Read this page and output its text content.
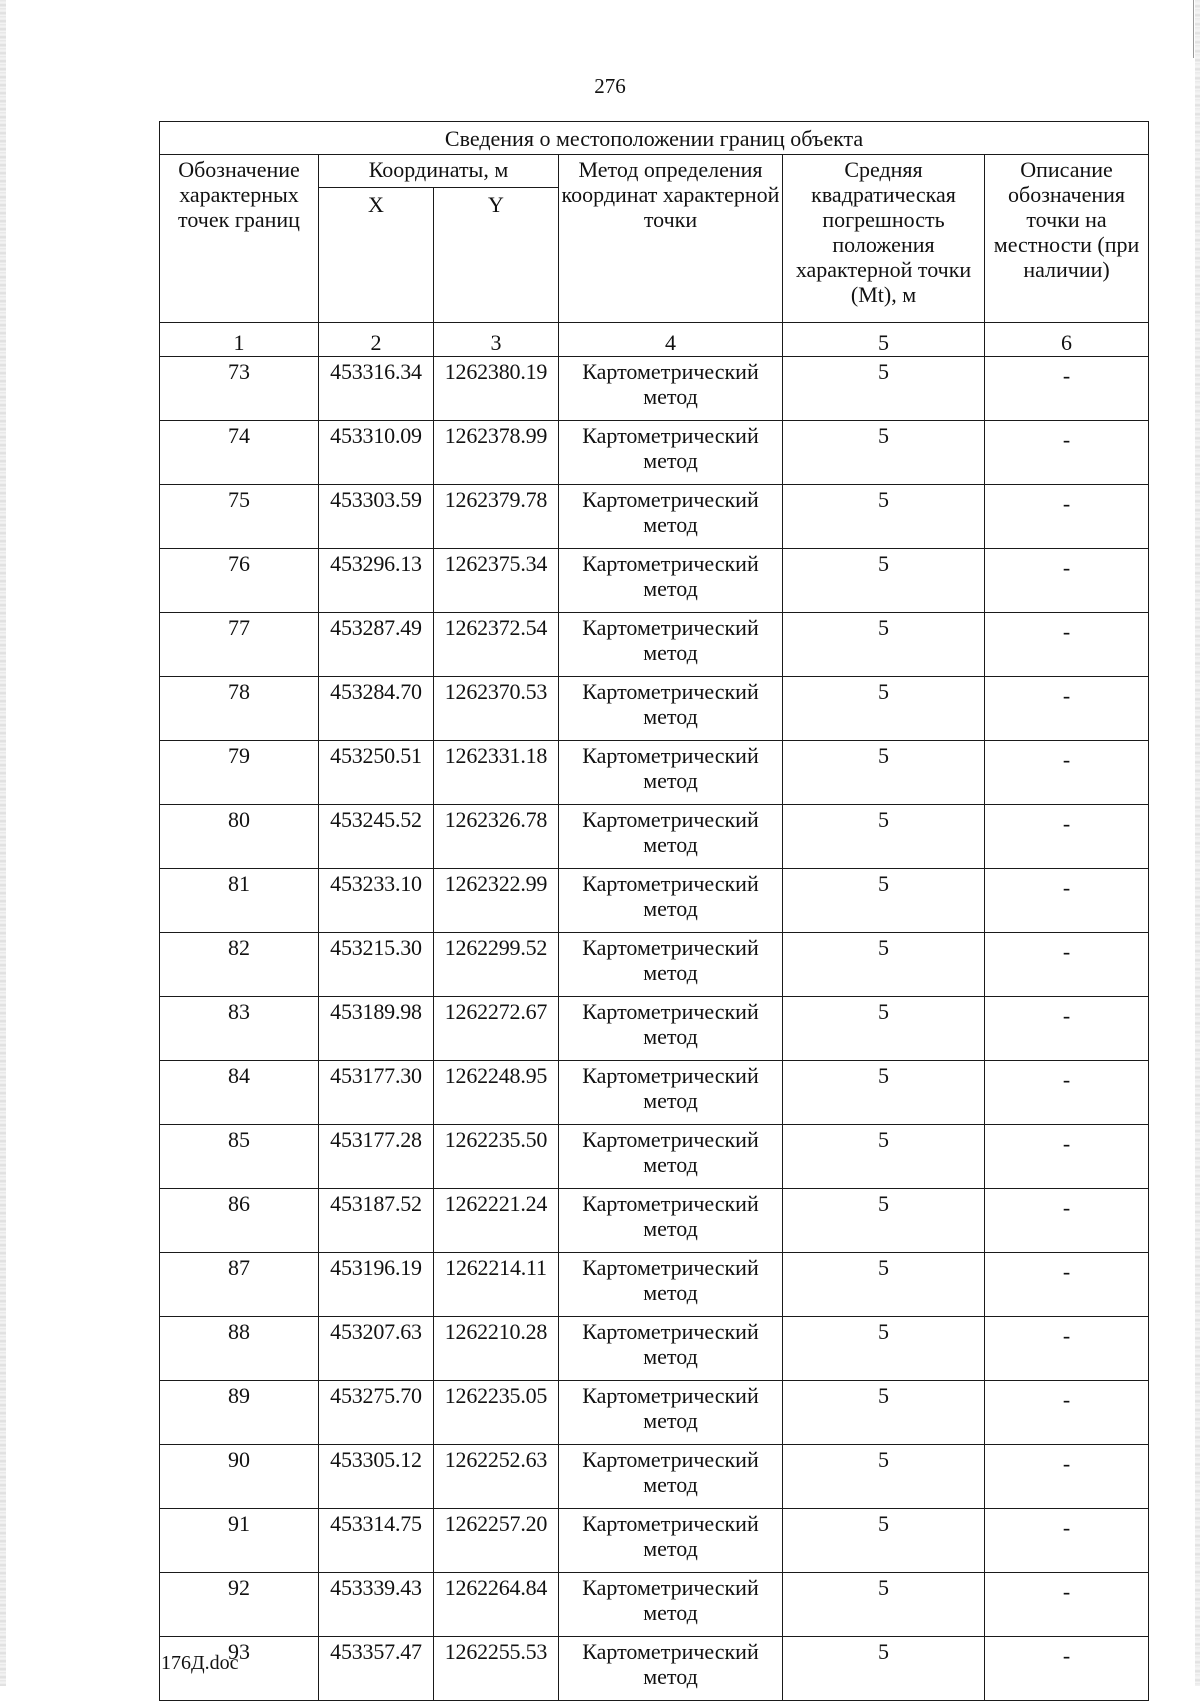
276
Сведения о местоположении границ объекта					
Обозначение характерных точек границ	Координаты, м		Метод определения координат характерной точки	Средняя квадратическая погрешность положения характерной точки (Mt), м	Описание обозначения точки на местности (при наличии)
	X	Y			
1	2	3	4	5	6
73	453316.34	1262380.19	Картометрический метод	5	-
74	453310.09	1262378.99	Картометрический метод	5	-
75	453303.59	1262379.78	Картометрический метод	5	-
76	453296.13	1262375.34	Картометрический метод	5	-
77	453287.49	1262372.54	Картометрический метод	5	-
78	453284.70	1262370.53	Картометрический метод	5	-
79	453250.51	1262331.18	Картометрический метод	5	-
80	453245.52	1262326.78	Картометрический метод	5	-
81	453233.10	1262322.99	Картометрический метод	5	-
82	453215.30	1262299.52	Картометрический метод	5	-
83	453189.98	1262272.67	Картометрический метод	5	-
84	453177.30	1262248.95	Картометрический метод	5	-
85	453177.28	1262235.50	Картометрический метод	5	-
86	453187.52	1262221.24	Картометрический метод	5	-
87	453196.19	1262214.11	Картометрический метод	5	-
88	453207.63	1262210.28	Картометрический метод	5	-
89	453275.70	1262235.05	Картометрический метод	5	-
90	453305.12	1262252.63	Картометрический метод	5	-
91	453314.75	1262257.20	Картометрический метод	5	-
92	453339.43	1262264.84	Картометрический метод	5	-
93	453357.47	1262255.53	Картометрический метод	5	-
176Д.doc
